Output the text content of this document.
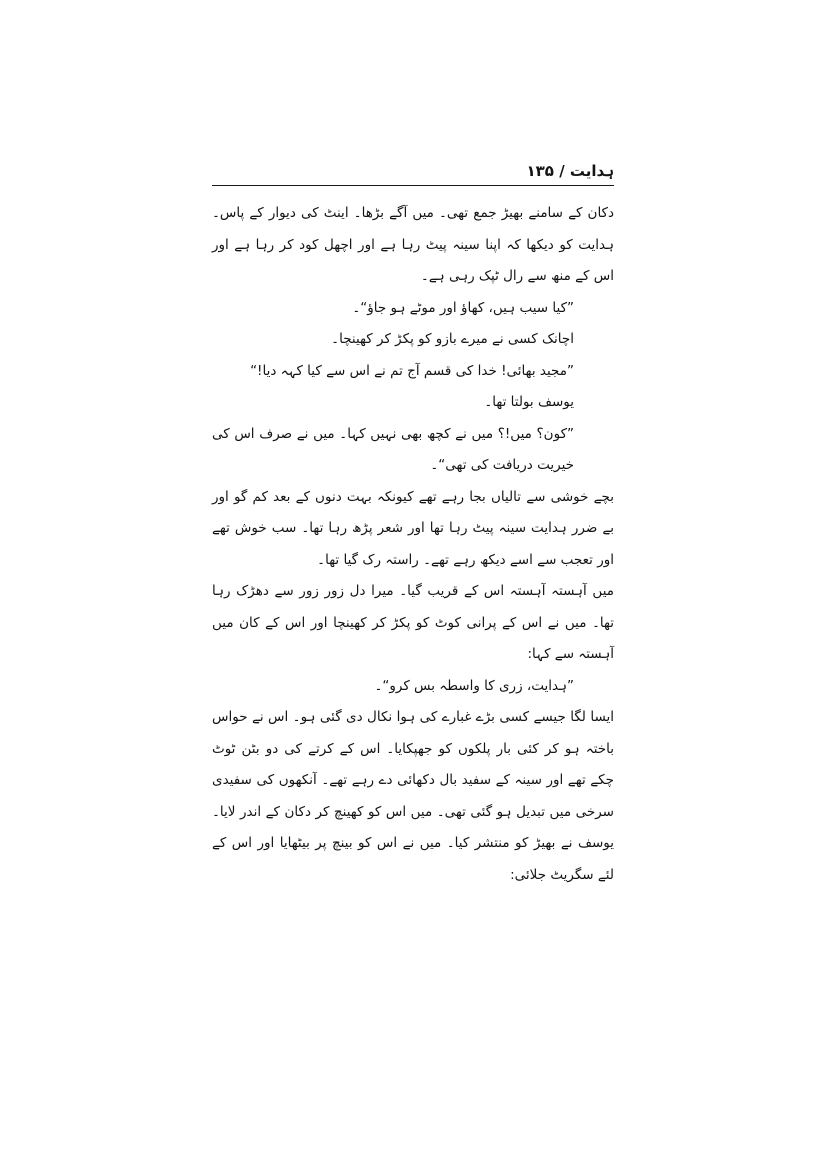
ہدایت / ۱۳۵

دکان کے سامنے بھیڑ جمع تھی۔ میں آگے بڑھا۔ اینٹ کی دیوار کے پاس۔ ہدایت کو دیکھا کہ اپنا سینہ پیٹ رہا ہے اور اچھل کود کر رہا ہے اور اس کے منھ سے رال ٹپک رہی ہے۔

”کیا سیب ہیں، کھاؤ اور موٹے ہو جاؤ“۔

اچانک کسی نے میرے بازو کو پکڑ کر کھینچا۔

”مجید بھائی! خدا کی قسم آج تم نے اس سے کیا کہہ دیا!“

یوسف بولتا تھا۔

”کون؟ میں!؟ میں نے کچھ بھی نہیں کہا۔ میں نے صرف اس کی خیریت دریافت کی تھی“۔

بچے خوشی سے تالیاں بجا رہے تھے کیونکہ بہت دنوں کے بعد کم گو اور بے ضرر ہدایت سینہ پیٹ رہا تھا اور شعر پڑھ رہا تھا۔ سب خوش تھے اور تعجب سے اسے دیکھ رہے تھے۔ راستہ رک گیا تھا۔

میں آہستہ آہستہ اس کے قریب گیا۔ میرا دل زور زور سے دھڑک رہا تھا۔ میں نے اس کے پرانی کوٹ کو پکڑ کر کھینچا اور اس کے کان میں آہستہ سے کہا:

”ہدایت، زری کا واسطہ بس کرو“۔

ایسا لگا جیسے کسی بڑے غبارے کی ہوا نکال دی گئی ہو۔ اس نے حواس باختہ ہو کر کئی بار پلکوں کو جھپکایا۔ اس کے کرتے کی دو بٹن ٹوٹ چکے تھے اور سینہ کے سفید بال دکھائی دے رہے تھے۔ آنکھوں کی سفیدی سرخی میں تبدیل ہو گئی تھی۔ میں اس کو کھینچ کر دکان کے اندر لایا۔ یوسف نے بھیڑ کو منتشر کیا۔ میں نے اس کو بینچ پر بیٹھایا اور اس کے لئے سگریٹ جلائی:
